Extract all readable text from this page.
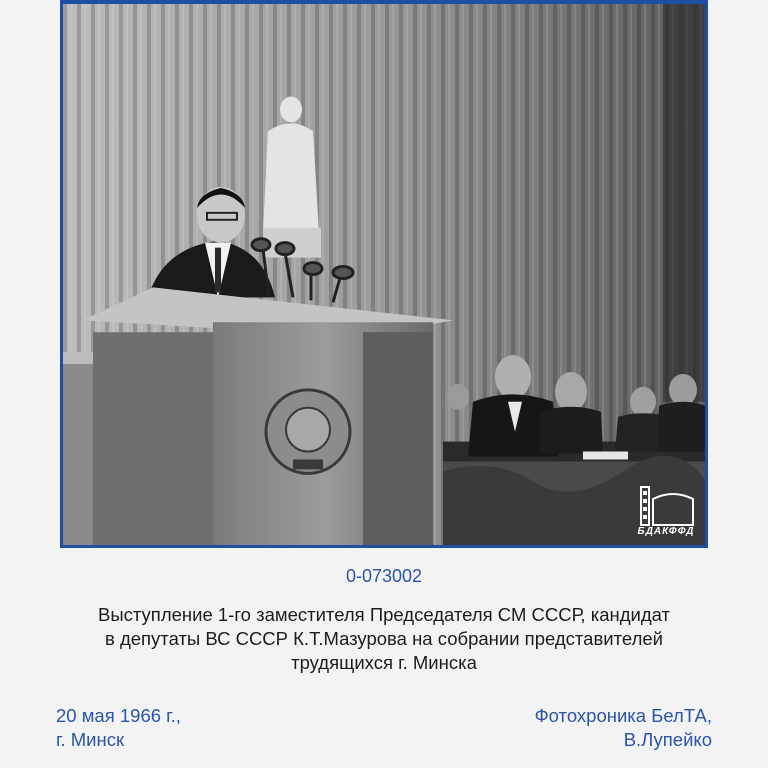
БДАКФФД
0-073002
Выступление 1-го заместителя Председателя СМ СССР, кандидат
в депутаты ВС СССР К.Т.Мазурова на собрании представителей
трудящихся г. Минска
20 мая 1966 г.,
г. Минск
Фотохроника БелТА,
В.Лупейко
